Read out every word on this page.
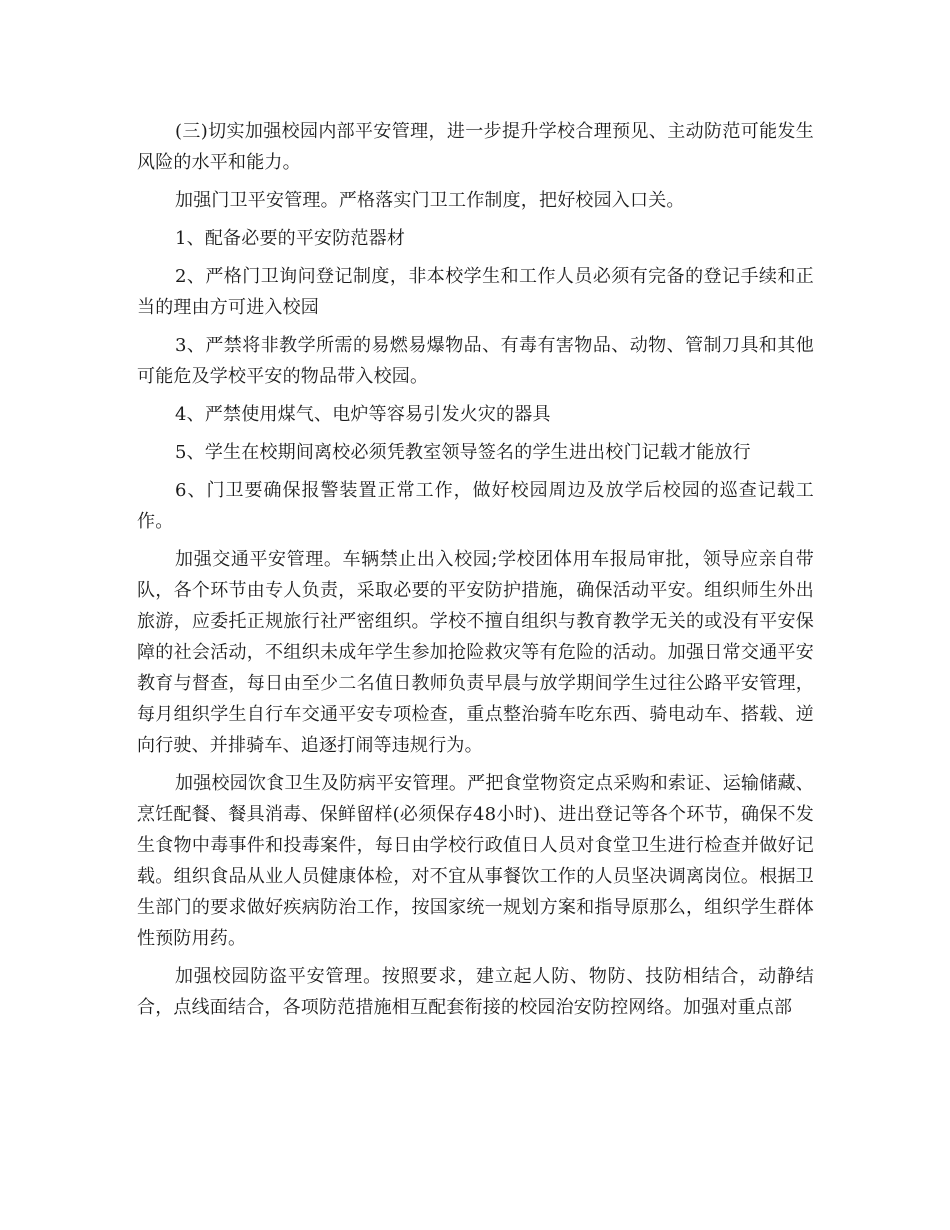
(三)切实加强校园内部平安管理，进一步提升学校合理预见、主动防范可能发生风险的水平和能力。

加强门卫平安管理。严格落实门卫工作制度，把好校园入口关。

1、配备必要的平安防范器材

2、严格门卫询问登记制度，非本校学生和工作人员必须有完备的登记手续和正当的理由方可进入校园

3、严禁将非教学所需的易燃易爆物品、有毒有害物品、动物、管制刀具和其他可能危及学校平安的物品带入校园。

4、严禁使用煤气、电炉等容易引发火灾的器具

5、学生在校期间离校必须凭教室领导签名的学生进出校门记载才能放行

6、门卫要确保报警装置正常工作，做好校园周边及放学后校园的巡查记载工作。

加强交通平安管理。车辆禁止出入校园;学校团体用车报局审批，领导应亲自带队，各个环节由专人负责，采取必要的平安防护措施，确保活动平安。组织师生外出旅游，应委托正规旅行社严密组织。学校不擅自组织与教育教学无关的或没有平安保障的社会活动，不组织未成年学生参加抢险救灾等有危险的活动。加强日常交通平安教育与督查，每日由至少二名值日教师负责早晨与放学期间学生过往公路平安管理，每月组织学生自行车交通平安专项检查，重点整治骑车吃东西、骑电动车、搭载、逆向行驶、并排骑车、追逐打闹等违规行为。

加强校园饮食卫生及防病平安管理。严把食堂物资定点采购和索证、运输储藏、烹饪配餐、餐具消毒、保鲜留样(必须保存48小时)、进出登记等各个环节，确保不发生食物中毒事件和投毒案件，每日由学校行政值日人员对食堂卫生进行检查并做好记载。组织食品从业人员健康体检，对不宜从事餐饮工作的人员坚决调离岗位。根据卫生部门的要求做好疾病防治工作，按国家统一规划方案和指导原那么，组织学生群体性预防用药。

加强校园防盗平安管理。按照要求，建立起人防、物防、技防相结合，动静结合，点线面结合，各项防范措施相互配套衔接的校园治安防控网络。加强对重点部
